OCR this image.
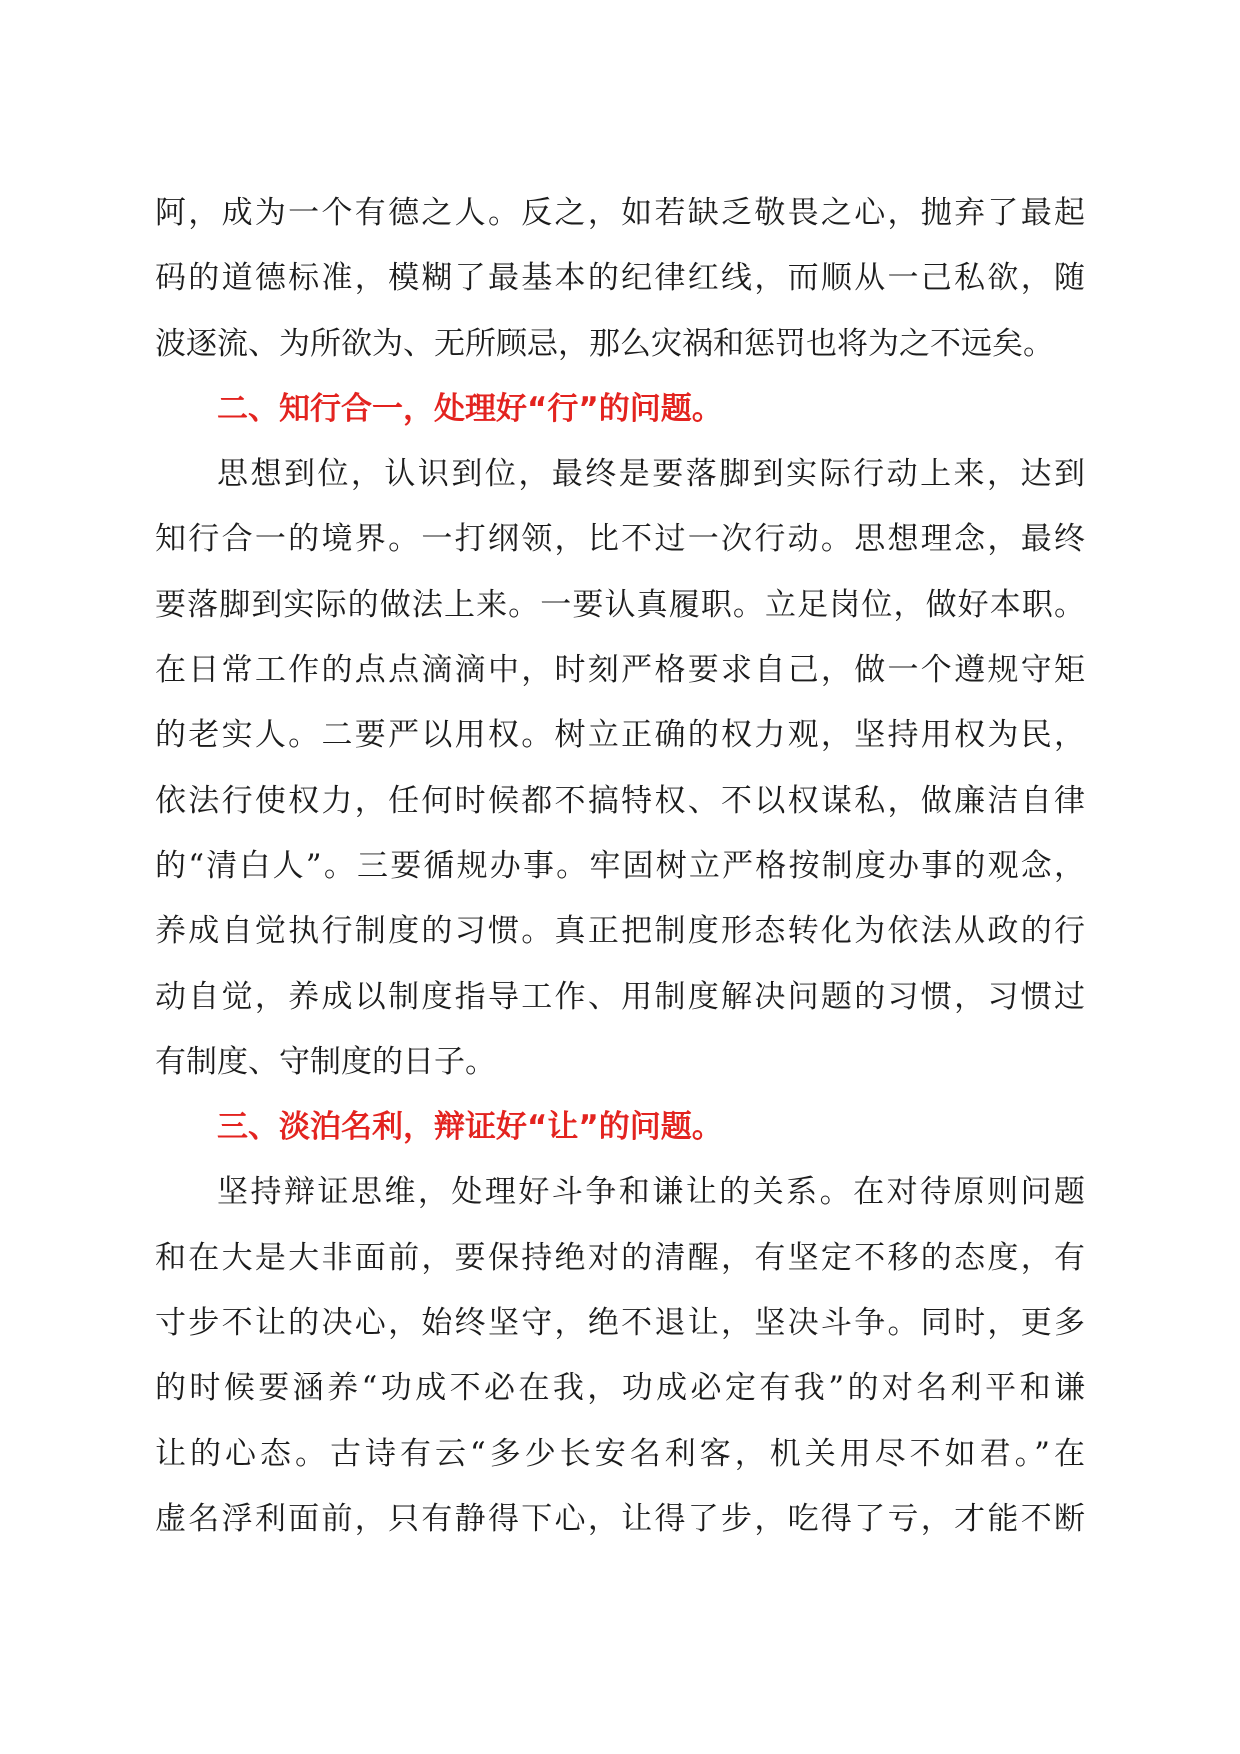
阿，成为一个有德之人。反之，如若缺乏敬畏之心，抛弃了最起
码的道德标准，模糊了最基本的纪律红线，而顺从一己私欲，随
波逐流、为所欲为、无所顾忌，那么灾祸和惩罚也将为之不远矣。
二、知行合一，处理好“行”的问题。
思想到位，认识到位，最终是要落脚到实际行动上来，达到
知行合一的境界。一打纲领，比不过一次行动。思想理念，最终
要落脚到实际的做法上来。一要认真履职。立足岗位，做好本职。
在日常工作的点点滴滴中，时刻严格要求自己，做一个遵规守矩
的老实人。二要严以用权。树立正确的权力观，坚持用权为民，
依法行使权力，任何时候都不搞特权、不以权谋私，做廉洁自律
的“清白人”。三要循规办事。牢固树立严格按制度办事的观念，
养成自觉执行制度的习惯。真正把制度形态转化为依法从政的行
动自觉，养成以制度指导工作、用制度解决问题的习惯，习惯过
有制度、守制度的日子。
三、淡泊名利，辩证好“让”的问题。
坚持辩证思维，处理好斗争和谦让的关系。在对待原则问题
和在大是大非面前，要保持绝对的清醒，有坚定不移的态度，有
寸步不让的决心，始终坚守，绝不退让，坚决斗争。同时，更多
的时候要涵养“功成不必在我，功成必定有我”的对名利平和谦
让的心态。古诗有云“多少长安名利客，机关用尽不如君。”在
虚名浮利面前，只有静得下心，让得了步，吃得了亏，才能不断
